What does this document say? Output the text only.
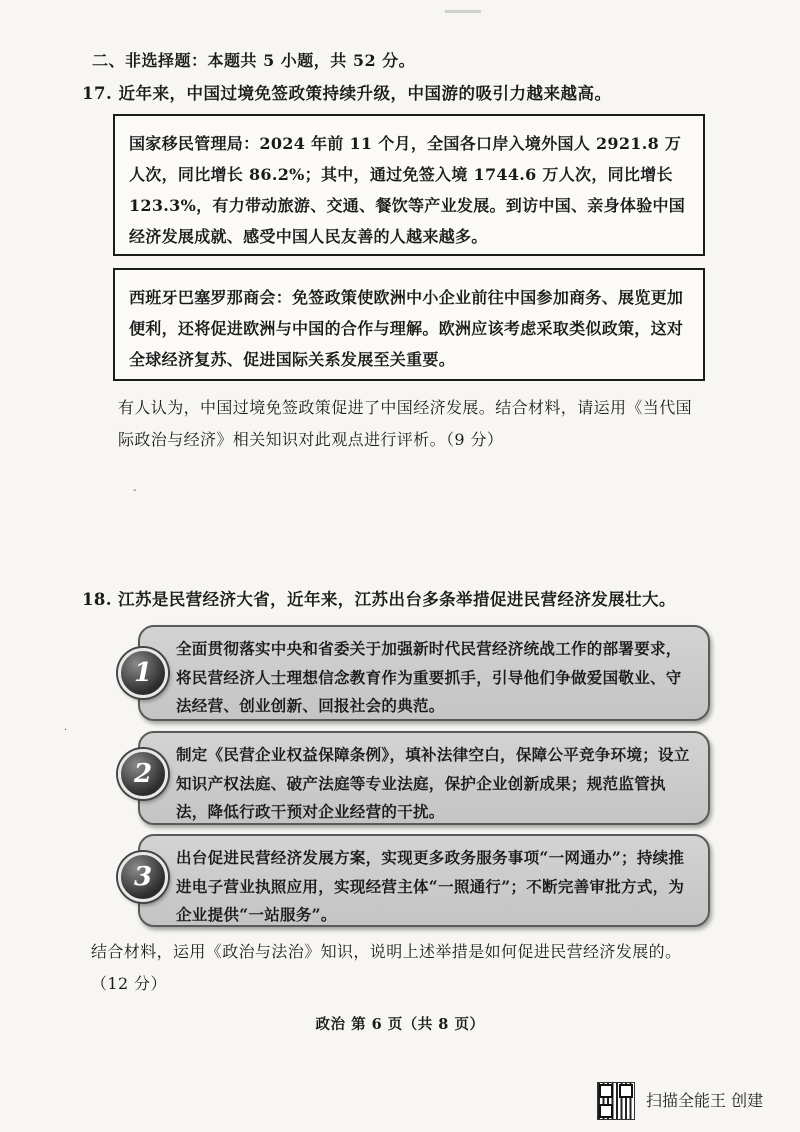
二、非选择题：本题共 5 小题，共 52 分。
17. 近年来，中国过境免签政策持续升级，中国游的吸引力越来越高。
国家移民管理局：2024 年前 11 个月，全国各口岸入境外国人 2921.8 万人次，同比增长 86.2%；其中，通过免签入境 1744.6 万人次，同比增长 123.3%，有力带动旅游、交通、餐饮等产业发展。到访中国、亲身体验中国经济发展成就、感受中国人民友善的人越来越多。
西班牙巴塞罗那商会：免签政策使欧洲中小企业前往中国参加商务、展览更加便利，还将促进欧洲与中国的合作与理解。欧洲应该考虑采取类似政策，这对全球经济复苏、促进国际关系发展至关重要。
有人认为，中国过境免签政策促进了中国经济发展。结合材料，请运用《当代国际政治与经济》相关知识对此观点进行评析。（9 分）
-
·
18. 江苏是民营经济大省，近年来，江苏出台多条举措促进民营经济发展壮大。
全面贯彻落实中央和省委关于加强新时代民营经济统战工作的部署要求，将民营经济人士理想信念教育作为重要抓手，引导他们争做爱国敬业、守法经营、创业创新、回报社会的典范。
1
制定《民营企业权益保障条例》，填补法律空白，保障公平竞争环境；设立知识产权法庭、破产法庭等专业法庭，保护企业创新成果；规范监管执法，降低行政干预对企业经营的干扰。
2
出台促进民营经济发展方案，实现更多政务服务事项“一网通办”；持续推进电子营业执照应用，实现经营主体“一照通行”；不断完善审批方式，为企业提供“一站服务”。
3
结合材料，运用《政治与法治》知识，说明上述举措是如何促进民营经济发展的。（12 分）
政治 第 6 页（共 8 页）
扫描全能王 创建
